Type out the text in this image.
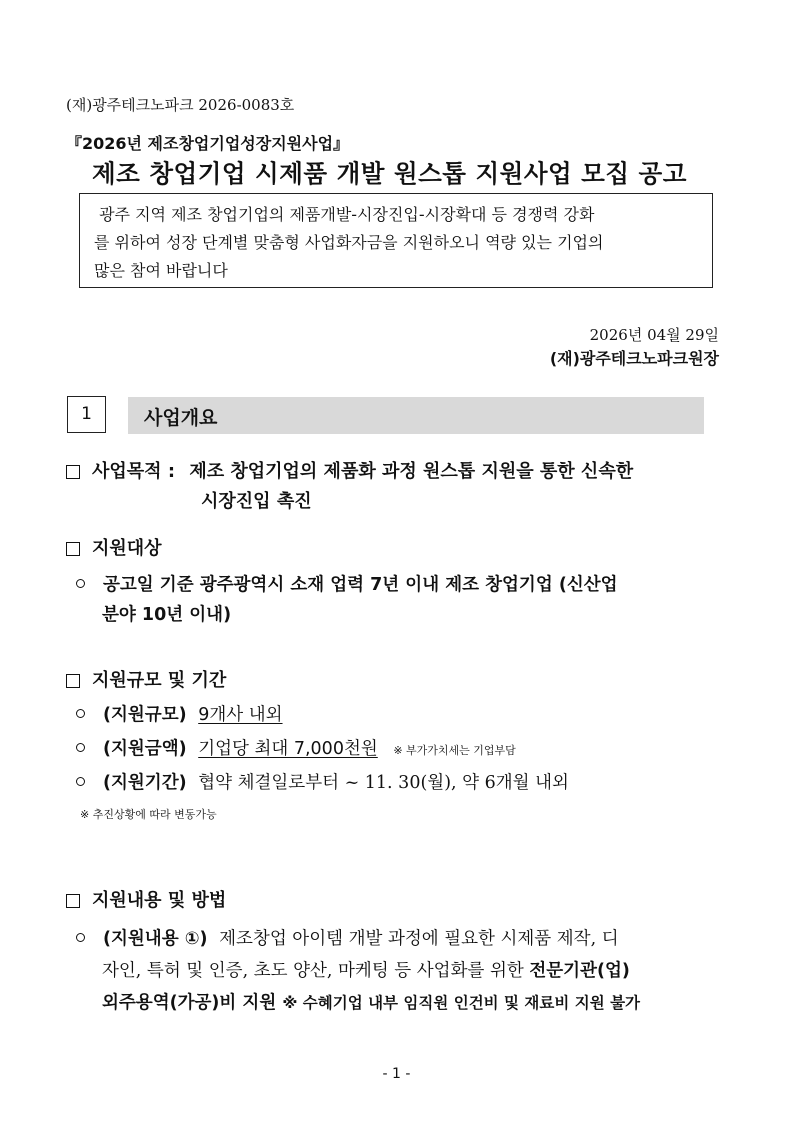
(재)광주테크노파크 2026-0083호
『2026년 제조창업기업성장지원사업』
제조 창업기업 시제품 개발 원스톱 지원사업 모집 공고
광주 지역 제조 창업기업의 제품개발-시장진입-시장확대 등 경쟁력 강화
를 위하여 성장 단계별 맞춤형 사업화자금을 지원하오니 역량 있는 기업의
많은 참여 바랍니다
2026년 04월 29일
(재)광주테크노파크원장
1	사업개요
사업목적 : 제조 창업기업의 제품화 과정 원스톱 지원을 통한 신속한
시장진입 촉진
지원대상
공고일 기준 광주광역시 소재 업력 7년 이내 제조 창업기업 (신산업
분야 10년 이내)
지원규모 및 기간
(지원규모) 9개사 내외
(지원금액) 기업당 최대 7,000천원 ※ 부가가치세는 기업부담
(지원기간) 협약 체결일로부터 ~ 11. 30(월), 약 6개월 내외
※ 추진상황에 따라 변동가능
지원내용 및 방법
(지원내용 ①) 제조창업 아이템 개발 과정에 필요한 시제품 제작, 디
자인, 특허 및 인증, 초도 양산, 마케팅 등 사업화를 위한 전문기관(업)
외주용역(가공)비 지원 ※ 수혜기업 내부 임직원 인건비 및 재료비 지원 불가
- 1 -
